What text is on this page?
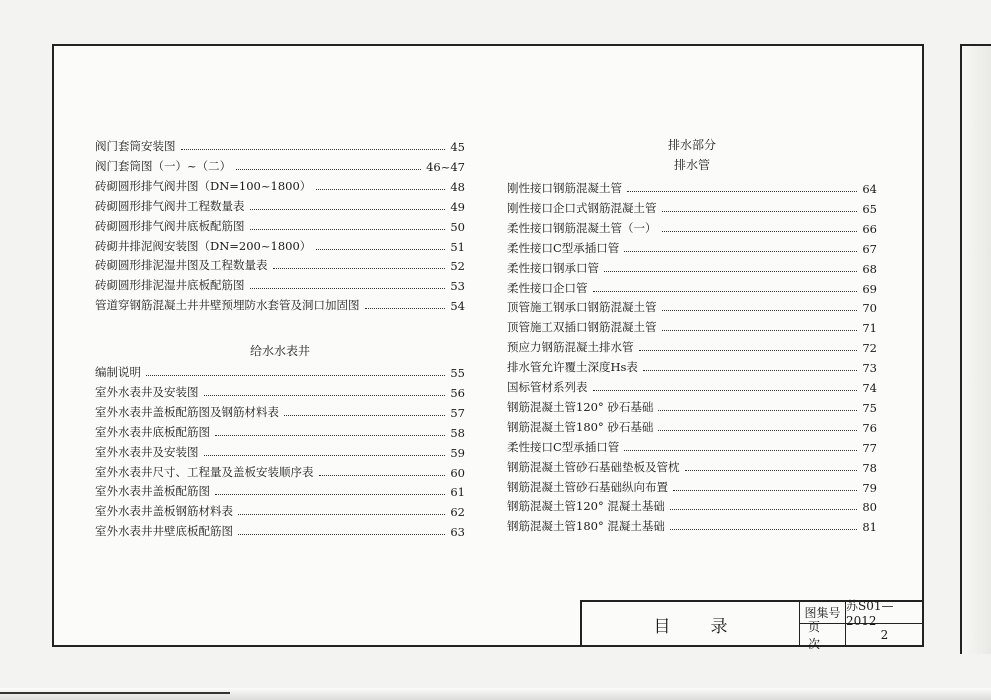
阀门套筒安装图	45
阀门套筒图（一）~（二）	46~47
砖砌圆形排气阀井图（DN=100~1800）	48
砖砌圆形排气阀井工程数量表	49
砖砌圆形排气阀井底板配筋图	50
砖砌井排泥阀安装图（DN=200~1800）	51
砖砌圆形排泥湿井图及工程数量表	52
砖砌圆形排泥湿井底板配筋图	53
管道穿钢筋混凝土井井壁预埋防水套管及洞口加固图	54
给水水表井
编制说明	55
室外水表井及安装图	56
室外水表井盖板配筋图及钢筋材料表	57
室外水表井底板配筋图	58
室外水表井及安装图	59
室外水表井尺寸、工程量及盖板安装顺序表	60
室外水表井盖板配筋图	61
室外水表井盖板钢筋材料表	62
室外水表井井壁底板配筋图	63
排水部分
排水管
刚性接口钢筋混凝土管	64
刚性接口企口式钢筋混凝土管	65
柔性接口钢筋混凝土管（一）	66
柔性接口C型承插口管	67
柔性接口钢承口管	68
柔性接口企口管	69
顶管施工钢承口钢筋混凝土管	70
顶管施工双插口钢筋混凝土管	71
预应力钢筋混凝土排水管	72
排水管允许覆土深度Hs表	73
国标管材系列表	74
钢筋混凝土管120° 砂石基础	75
钢筋混凝土管180° 砂石基础	76
柔性接口C型承插口管	77
钢筋混凝土管砂石基础垫板及管枕	78
钢筋混凝土管砂石基础纵向布置	79
钢筋混凝土管120° 混凝土基础	80
钢筋混凝土管180° 混凝土基础	81
目录
图集号 苏S01—2012
页次
2
